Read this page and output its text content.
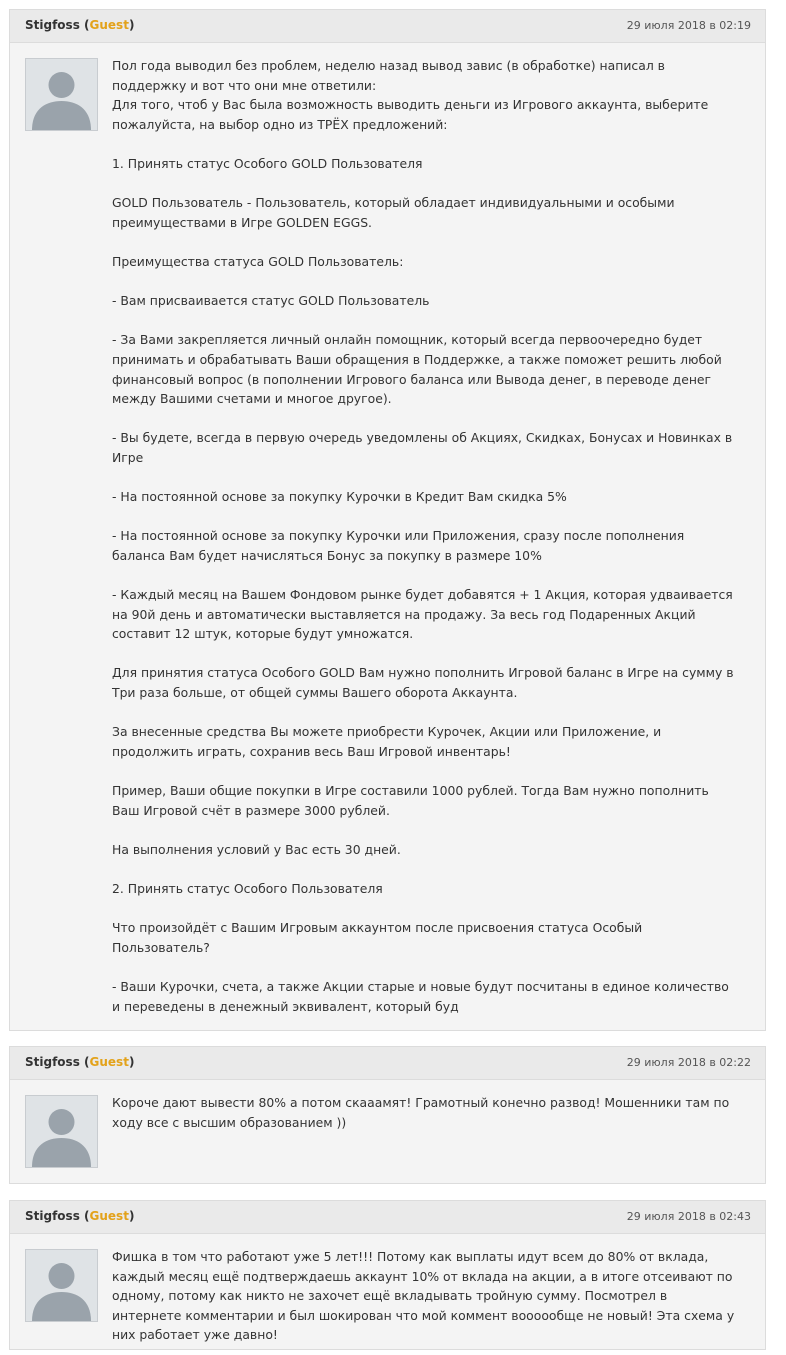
Stigfoss (Guest)	29 июля 2018 в 02:19

Пол года выводил без проблем, неделю назад вывод завис (в обработке) написал в

поддержку и вот что они мне ответили:

Для того, чтоб у Вас была возможность выводить деньги из Игрового аккаунта, выберите

пожалуйста, на выбор одно из ТРЁХ предложений:

1. Принять статус Особого GOLD Пользователя

GOLD Пользователь - Пользователь, который обладает индивидуальными и особыми

преимуществами в Игре GOLDEN EGGS.

Преимущества статуса GOLD Пользователь:

- Вам присваивается статус GOLD Пользователь

- За Вами закрепляется личный онлайн помощник, который всегда первоочередно будет

принимать и обрабатывать Ваши обращения в Поддержке, а также поможет решить любой

финансовый вопрос (в пополнении Игрового баланса или Вывода денег, в переводе денег

между Вашими счетами и многое другое).

- Вы будете, всегда в первую очередь уведомлены об Акциях, Скидках, Бонусах и Новинках в

Игре

- На постоянной основе за покупку Курочки в Кредит Вам скидка 5%

- На постоянной основе за покупку Курочки или Приложения, сразу после пополнения

баланса Вам будет начисляться Бонус за покупку в размере 10%

- Каждый месяц на Вашем Фондовом рынке будет добавятся + 1 Акция, которая удваивается

на 90й день и автоматически выставляется на продажу. За весь год Подаренных Акций

составит 12 штук, которые будут умножатся.

Для принятия статуса Особого GOLD Вам нужно пополнить Игровой баланс в Игре на сумму в

Три раза больше, от общей суммы Вашего оборота Аккаунта.

За внесенные средства Вы можете приобрести Курочек, Акции или Приложение, и

продолжить играть, сохранив весь Ваш Игровой инвентарь!

Пример, Ваши общие покупки в Игре составили 1000 рублей. Тогда Вам нужно пополнить

Ваш Игровой счёт в размере 3000 рублей.

На выполнения условий у Вас есть 30 дней.

2. Принять статус Особого Пользователя

Что произойдёт с Вашим Игровым аккаунтом после присвоения статуса Особый

Пользователь?

- Ваши Курочки, счета, а также Акции старые и новые будут посчитаны в единое количество

и переведены в денежный эквивалент, который буд

Stigfoss (Guest)	29 июля 2018 в 02:22

Короче дают вывести 80% а потом скааамят! Грамотный конечно развод! Мошенники там по

ходу все с высшим образованием ))

Stigfoss (Guest)	29 июля 2018 в 02:43

Фишка в том что работают уже 5 лет!!! Потому как выплаты идут всем до 80% от вклада,

каждый месяц ещё подтверждаешь аккаунт 10% от вклада на акции, а в итоге отсеивают по

одному, потому как никто не захочет ещё вкладывать тройную сумму. Посмотрел в

интернете комментарии и был шокирован что мой коммент воооообще не новый! Эта схема у

них работает уже давно!
